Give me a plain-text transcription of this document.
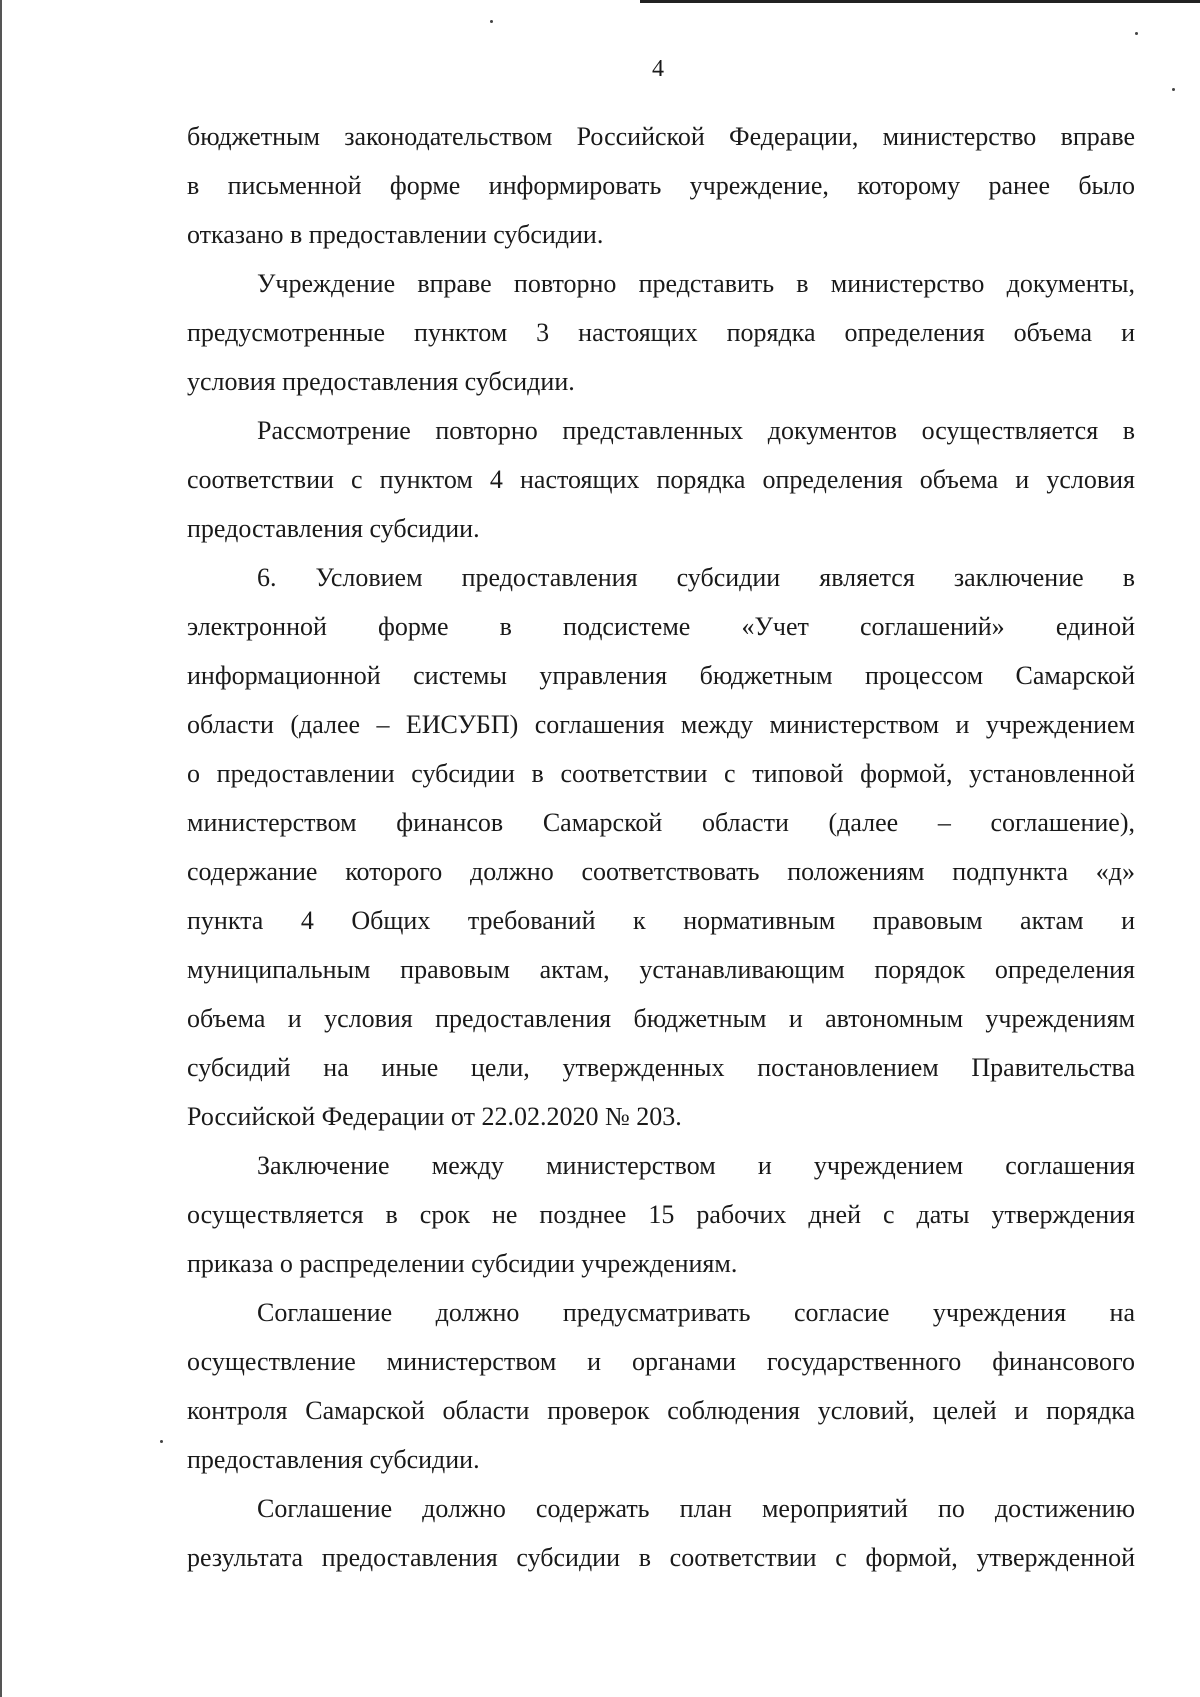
4
бюджетным законодательством Российской Федерации, министерство вправе
в письменной форме информировать учреждение, которому ранее было
отказано в предоставлении субсидии.
Учреждение вправе повторно представить в министерство документы,
предусмотренные пунктом 3 настоящих порядка определения объема и
условия предоставления субсидии.
Рассмотрение повторно представленных документов осуществляется в
соответствии с пунктом 4 настоящих порядка определения объема и условия
предоставления субсидии.
6. Условием предоставления субсидии является заключение в
электронной форме в подсистеме «Учет соглашений» единой
информационной системы управления бюджетным процессом Самарской
области (далее – ЕИСУБП) соглашения между министерством и учреждением
о предоставлении субсидии в соответствии с типовой формой, установленной
министерством финансов Самарской области (далее – соглашение),
содержание которого должно соответствовать положениям подпункта «д»
пункта 4 Общих требований к нормативным правовым актам и
муниципальным правовым актам, устанавливающим порядок определения
объема и условия предоставления бюджетным и автономным учреждениям
субсидий на иные цели, утвержденных постановлением Правительства
Российской Федерации от 22.02.2020 № 203.
Заключение между министерством и учреждением соглашения
осуществляется в срок не позднее 15 рабочих дней с даты утверждения
приказа о распределении субсидии учреждениям.
Соглашение должно предусматривать согласие учреждения на
осуществление министерством и органами государственного финансового
контроля Самарской области проверок соблюдения условий, целей и порядка
предоставления субсидии.
Соглашение должно содержать план мероприятий по достижению
результата предоставления субсидии в соответствии с формой, утвержденной
